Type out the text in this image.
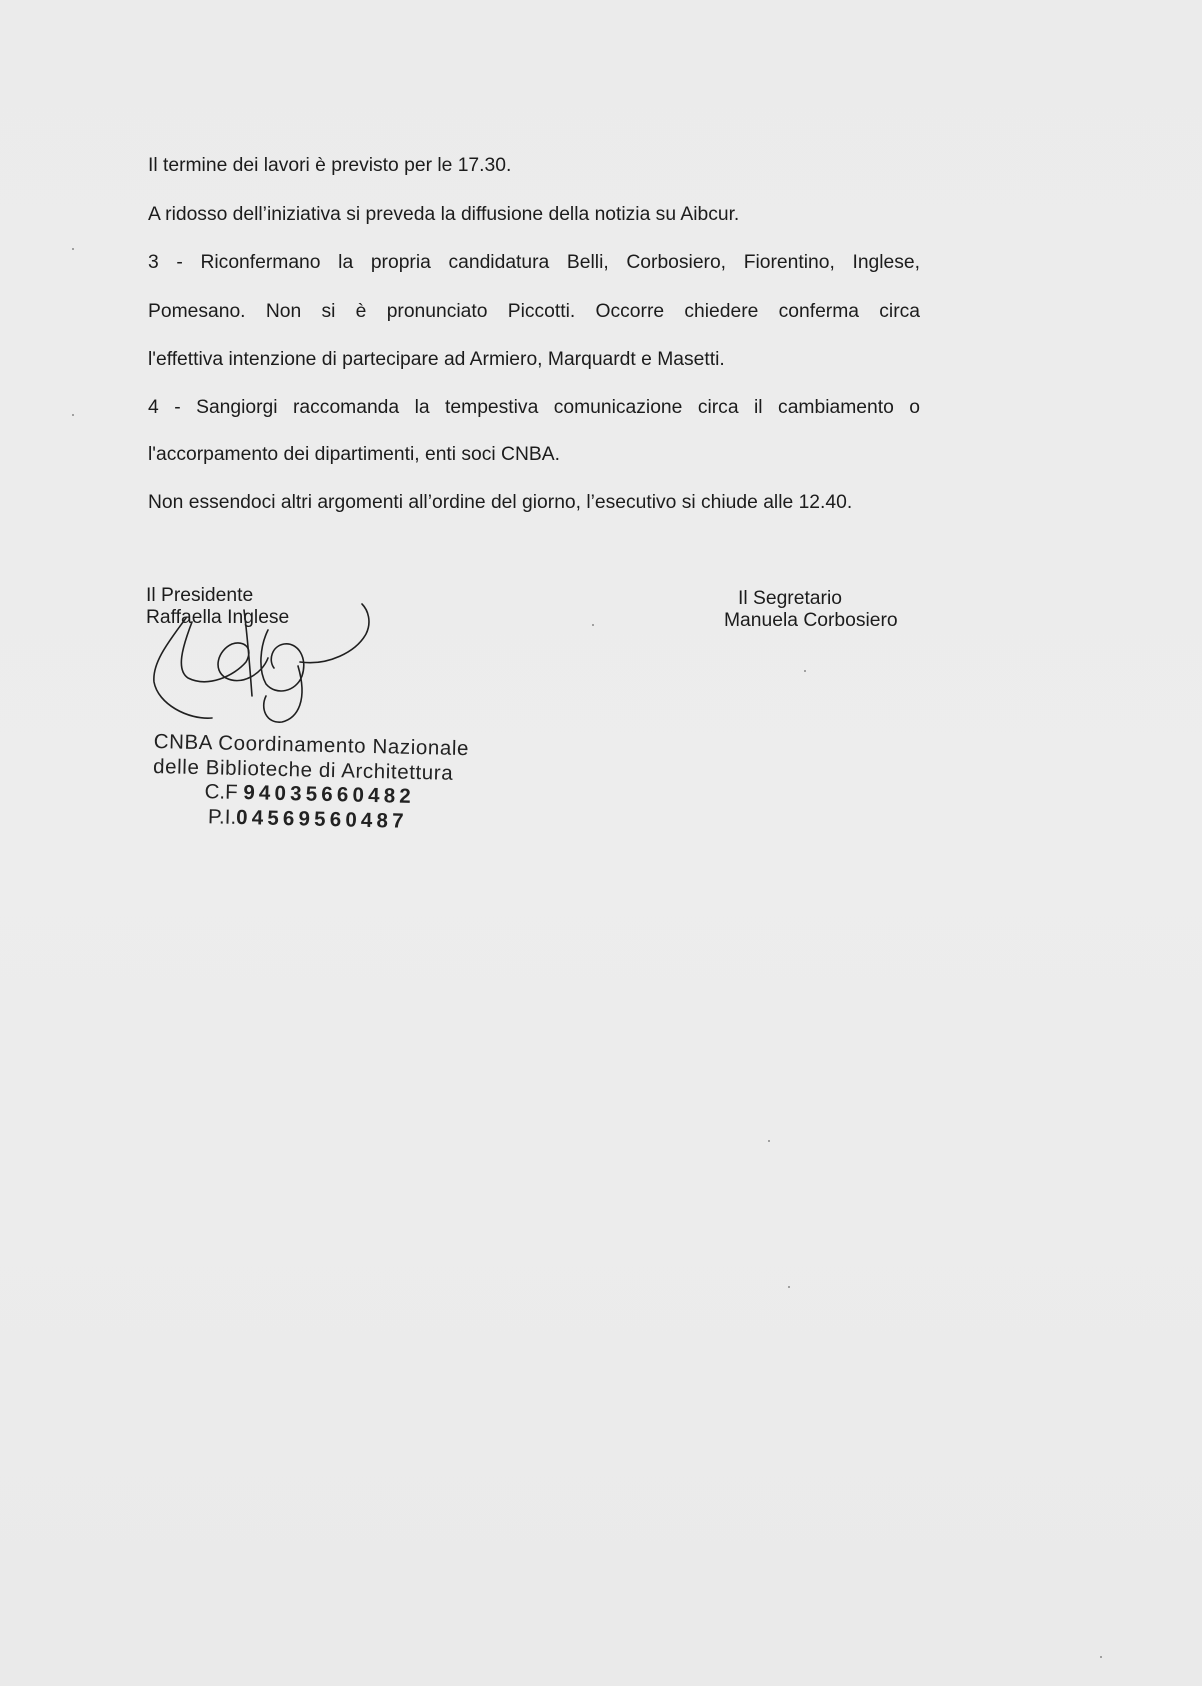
Il termine dei lavori è previsto per le 17.30.

A ridosso dell’iniziativa si preveda la diffusione della notizia su Aibcur.

3 - Riconfermano la propria candidatura Belli, Corbosiero, Fiorentino, Inglese,

Pomesano. Non si è pronunciato Piccotti. Occorre chiedere conferma circa

l'effettiva intenzione di partecipare ad Armiero, Marquardt e Masetti.

4 - Sangiorgi raccomanda la tempestiva comunicazione circa il cambiamento o

l'accorpamento dei dipartimenti, enti soci CNBA.

Non essendoci altri argomenti all’ordine del giorno, l’esecutivo si chiude alle 12.40.

Il Presidente
Raffaella Inglese
Il Segretario
Manuela Corbosiero
CNBA Coordinamento Nazionale
delle Biblioteche di Architettura
C.F 94035660482
P.I.04569560487
